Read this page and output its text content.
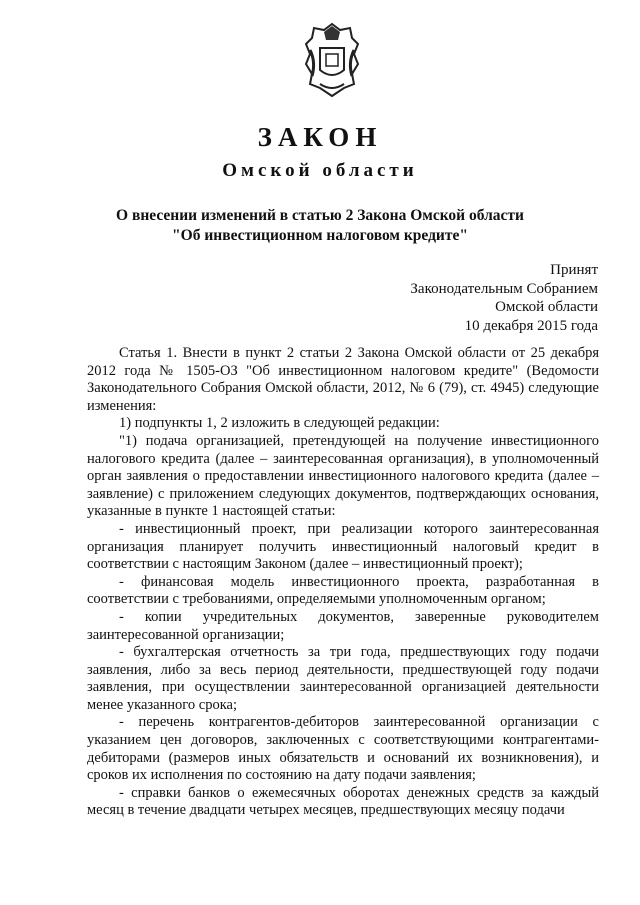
ЗАКОН
Омской области
О внесении изменений в статью 2 Закона Омской области
"Об инвестиционном налоговом кредите"
Принят
Законодательным Собранием
Омской области
10 декабря 2015 года

Статья 1. Внести в пункт 2 статьи 2 Закона Омской области от 25 декабря 2012 года № 1505-ОЗ "Об инвестиционном налоговом кредите" (Ведомости Законодательного Собрания Омской области, 2012, № 6 (79), ст. 4945) следующие изменения:

1) подпункты 1, 2 изложить в следующей редакции:

"1) подача организацией, претендующей на получение инвестиционного налогового кредита (далее – заинтересованная организация), в уполномоченный орган заявления о предоставлении инвестиционного налогового кредита (далее – заявление) с приложением следующих документов, подтверждающих основания, указанные в пункте 1 настоящей статьи:

- инвестиционный проект, при реализации которого заинтересованная организация планирует получить инвестиционный налоговый кредит в соответствии с настоящим Законом (далее – инвестиционный проект);

- финансовая модель инвестиционного проекта, разработанная в соответствии с требованиями, определяемыми уполномоченным органом;

- копии учредительных документов, заверенные руководителем заинтересованной организации;

- бухгалтерская отчетность за три года, предшествующих году подачи заявления, либо за весь период деятельности, предшествующей году подачи заявления, при осуществлении заинтересованной организацией деятельности менее указанного срока;

- перечень контрагентов-дебиторов заинтересованной организации с указанием цен договоров, заключенных с соответствующими контрагентами-дебиторами (размеров иных обязательств и оснований их возникновения), и сроков их исполнения по состоянию на дату подачи заявления;

- справки банков о ежемесячных оборотах денежных средств за каждый месяц в течение двадцати четырех месяцев, предшествующих месяцу подачи
